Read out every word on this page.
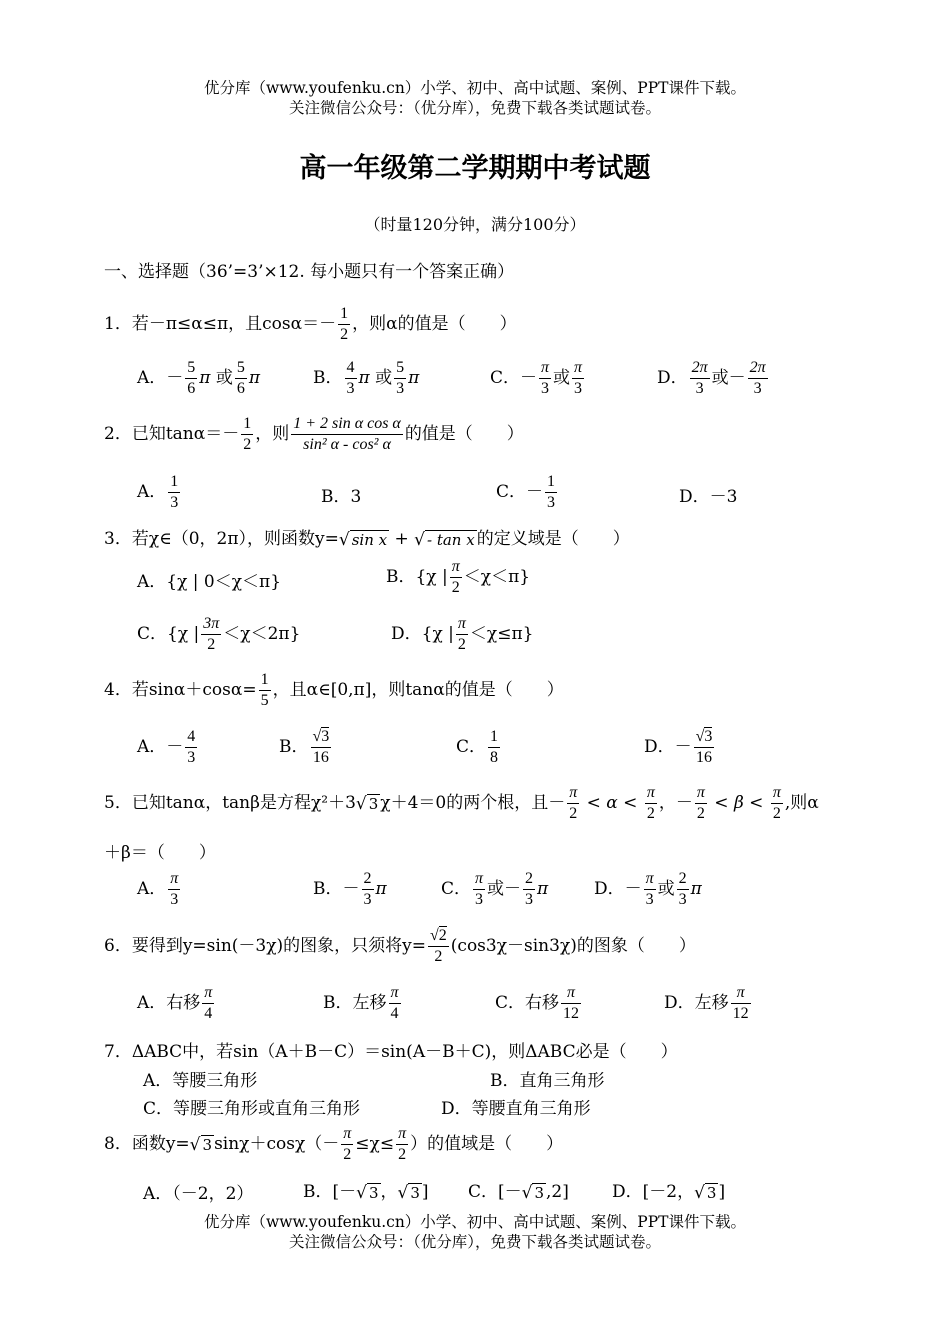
优分库（www.youfenku.cn）小学、初中、高中试题、案例、PPT课件下载。
关注微信公众号：（优分库），免费下载各类试题试卷。
高一年级第二学期期中考试题
（时量120分钟，满分100分）
一、选择题（36’=3’×12. 每小题只有一个答案正确）
1．若－π≤α≤π，且$\cos\alpha=- \frac{1}{2}$ ，则α的值是（　　）
A．－ $\frac{5}{6}$ π 或 $\frac{5}{6}$ π	B． $\frac{4}{3}$ π 或 $\frac{5}{3}$ π	C．－ $\frac{\pi}{3}$ 或 $\frac{\pi}{3}$	D． $\frac{2\pi}{3}$ 或－ $\frac{2\pi}{3}$
2．已知$\tan\alpha=- \frac{1}{2}$ ，则 $\frac{\text{1 + 2 sin α cos α}}{\text{sin² α - cos² α}}$ 的值是（　　）
A． $\frac{1}{3}$	B．3	C．－ $\frac{1}{3}$	D．－3
3．若χ∈（0，2π），则函数y=√ sin x + √ - tan x 的定义域是（　　）
A．{χ | 0＜χ＜π}	B．{χ | $\frac{\pi}{2} <\chi<\pi$}
C．{χ | $\frac{3\pi}{2} <\chi<2\pi$}	D．{χ | $\frac{\pi}{2} <\chi\le\pi$}
4．若$\sin\alpha+\cos\alpha= \frac{1}{5}$ ，且α∈[0,π]，则tanα的值是（　　）
A．－ $\frac{4}{3}$	B． $\frac{√3}{16}$	C． $\frac{1}{8}$	D．－ $\frac{√3}{16}$
5．已知tanα，tanβ是方程χ²＋3√ 3 χ＋4＝0的两个根，且－ $\frac{\pi}{2} < \alpha < \frac{\pi}{2}$ ，－ $\frac{\pi}{2} < \beta < \frac{\pi}{2}$ ,则α
＋β＝（　　）
A． $\frac{\pi}{3}$	B．－ $\frac{2}{3}$ π	C． $\frac{\pi}{3}$ 或－ $\frac{2}{3}$ π	D．－ $\frac{\pi}{3}$ 或 $\frac{2}{3}$ π
6．要得到y=sin(－3χ)的图象，只须将$y= \frac{√2}{2} (\cos 3\chi-\sin 3\chi)$的图象（　　）
A．右移 $\frac{\pi}{4}$	B．左移 $\frac{\pi}{4}$	C．右移 $\frac{\pi}{12}$	D．左移 $\frac{\pi}{12}$
7．ΔABC中，若sin（A＋B－C）＝sin(A－B＋C)，则ΔABC必是（　　）
A．等腰三角形	B．直角三角形
C．等腰三角形或直角三角形	D．等腰直角三角形
8．函数y=√ 3 $\sin\chi+\cos\chi(- \frac{\pi}{2} \le\chi\le \frac{\pi}{2}$ ）的值域是（　　）
A．（－2，2）	B．[－√ 3 ，√ 3 ] C．[－√ 3 ,2]	D．[－2，√ 3 ]
优分库（www.youfenku.cn）小学、初中、高中试题、案例、PPT课件下载。
关注微信公众号：（优分库），免费下载各类试题试卷。
